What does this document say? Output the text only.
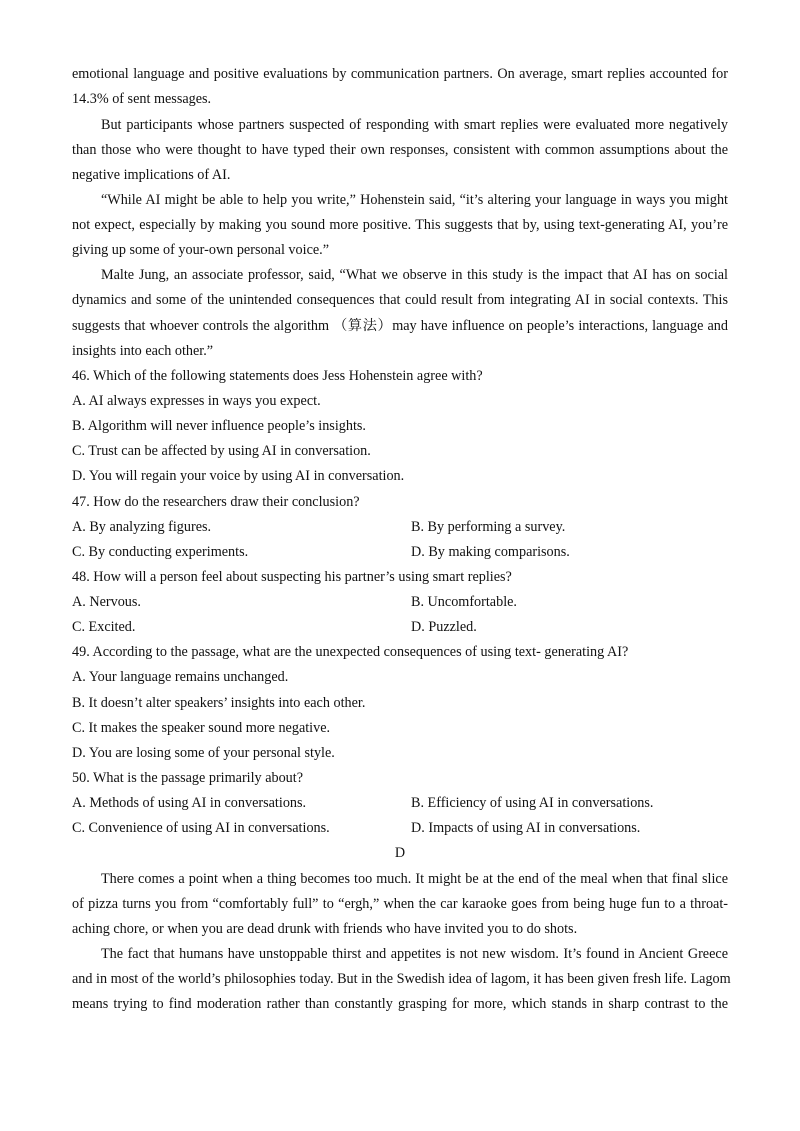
emotional language and positive evaluations by communication partners. On average, smart replies accounted for
14.3% of sent messages.
But participants whose partners suspected of responding with smart replies were evaluated more negatively
than those who were thought to have typed their own responses, consistent with common assumptions about the
negative implications of AI.
“While AI might be able to help you write,” Hohenstein said, “it’s altering your language in ways you might
not expect, especially by making you sound more positive. This suggests that by, using text-generating AI, you’re
giving up some of your-own personal voice.”
Malte Jung, an associate professor, said, “What we observe in this study is the impact that AI has on social
dynamics and some of the unintended consequences that could result from integrating AI in social contexts. This
suggests that whoever controls the algorithm （算法）may have influence on people’s interactions, language and
insights into each other.”
46. Which of the following statements does Jess Hohenstein agree with?
A. AI always expresses in ways you expect.
B. Algorithm will never influence people’s insights.
C. Trust can be affected by using AI in conversation.
D. You will regain your voice by using AI in conversation.
47. How do the researchers draw their conclusion?
A. By analyzing figures.	B. By performing a survey.
C. By conducting experiments.	D. By making comparisons.
48. How will a person feel about suspecting his partner’s using smart replies?
A. Nervous.	B. Uncomfortable.
C. Excited.	D. Puzzled.
49. According to the passage, what are the unexpected consequences of using text- generating AI?
A. Your language remains unchanged.
B. It doesn’t alter speakers’ insights into each other.
C. It makes the speaker sound more negative.
D. You are losing some of your personal style.
50. What is the passage primarily about?
A. Methods of using AI in conversations.	B. Efficiency of using AI in conversations.
C. Convenience of using AI in conversations.	D. Impacts of using AI in conversations.
D
There comes a point when a thing becomes too much. It might be at the end of the meal when that final slice
of pizza turns you from “comfortably full” to “ergh,” when the car karaoke goes from being huge fun to a throat-
aching chore, or when you are dead drunk with friends who have invited you to do shots.
The fact that humans have unstoppable thirst and appetites is not new wisdom. It’s found in Ancient Greece
and in most of the world’s philosophies today. But in the Swedish idea of lagom, it has been given fresh life. Lagom
means trying to find moderation rather than constantly grasping for more, which stands in sharp contrast to the
